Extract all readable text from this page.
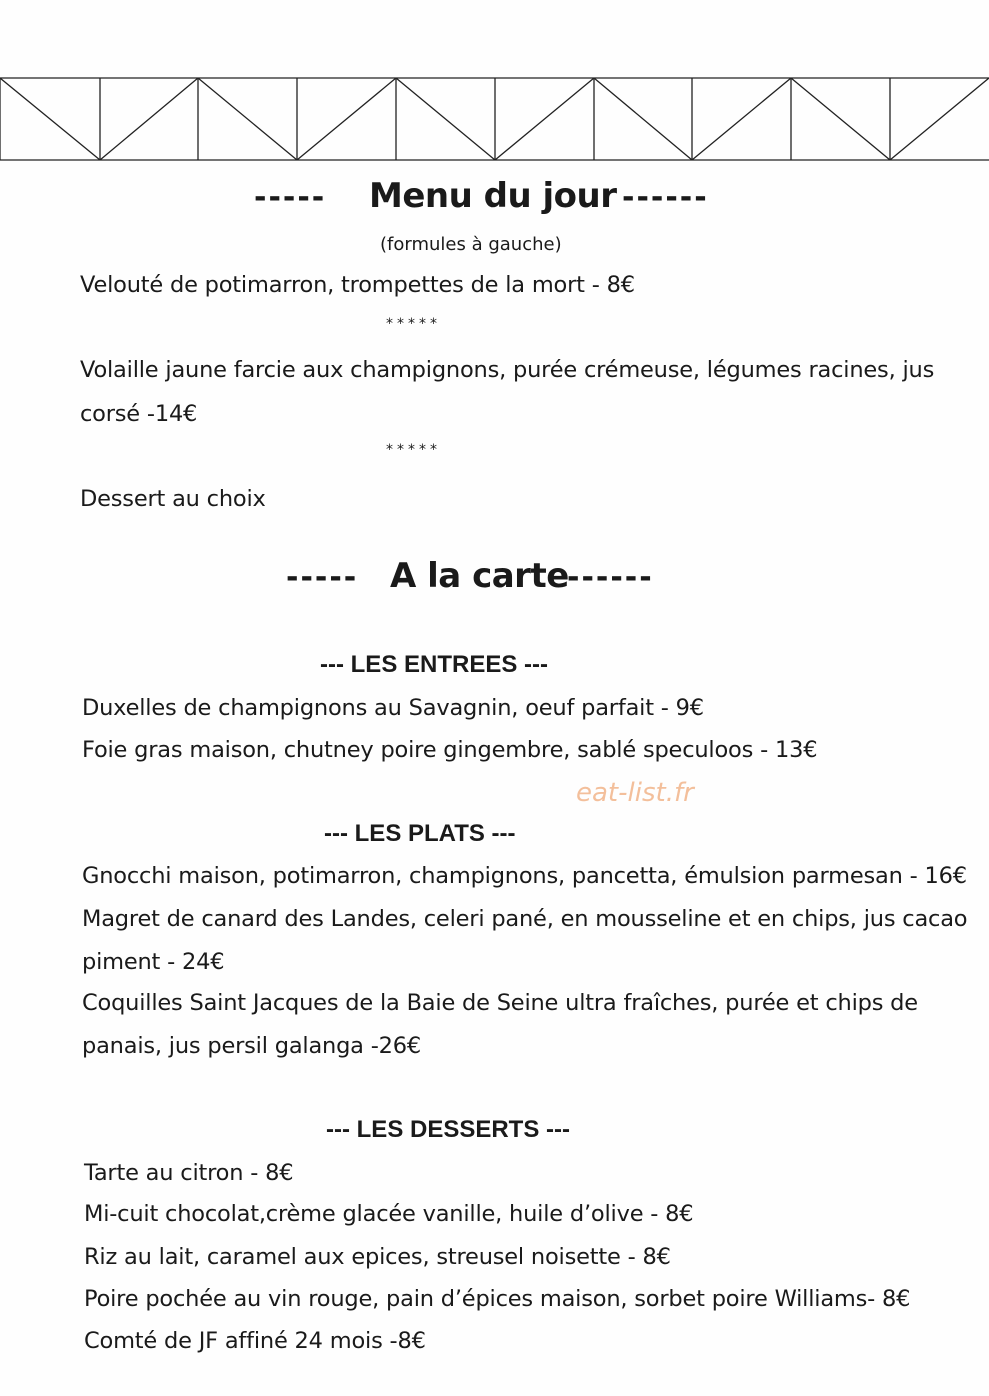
----- Menu du jour ------
(formules à gauche)
Velouté de potimarron, trompettes de la mort - 8€
*****
Volaille jaune farcie aux champignons, purée crémeuse, légumes racines, jus
corsé -14€
*****
Dessert au choix
----- A la carte
------
--- LES ENTREES ---
Duxelles de champignons au Savagnin, oeuf parfait - 9€
Foie gras maison, chutney poire gingembre, sablé speculoos - 13€
eat-list.fr
--- LES PLATS ---
Gnocchi maison, potimarron, champignons, pancetta, émulsion parmesan - 16€
Magret de canard des Landes, celeri pané, en mousseline et en chips, jus cacao
piment - 24€
Coquilles Saint Jacques de la Baie de Seine ultra fraîches, purée et chips de
panais, jus persil galanga -26€
--- LES DESSERTS ---
Tarte au citron - 8€
Mi-cuit chocolat,crème glacée vanille, huile d’olive - 8€
Riz au lait, caramel aux epices, streusel noisette - 8€
Poire pochée au vin rouge, pain d’épices maison, sorbet poire Williams- 8€
Comté de JF affiné 24 mois -8€
